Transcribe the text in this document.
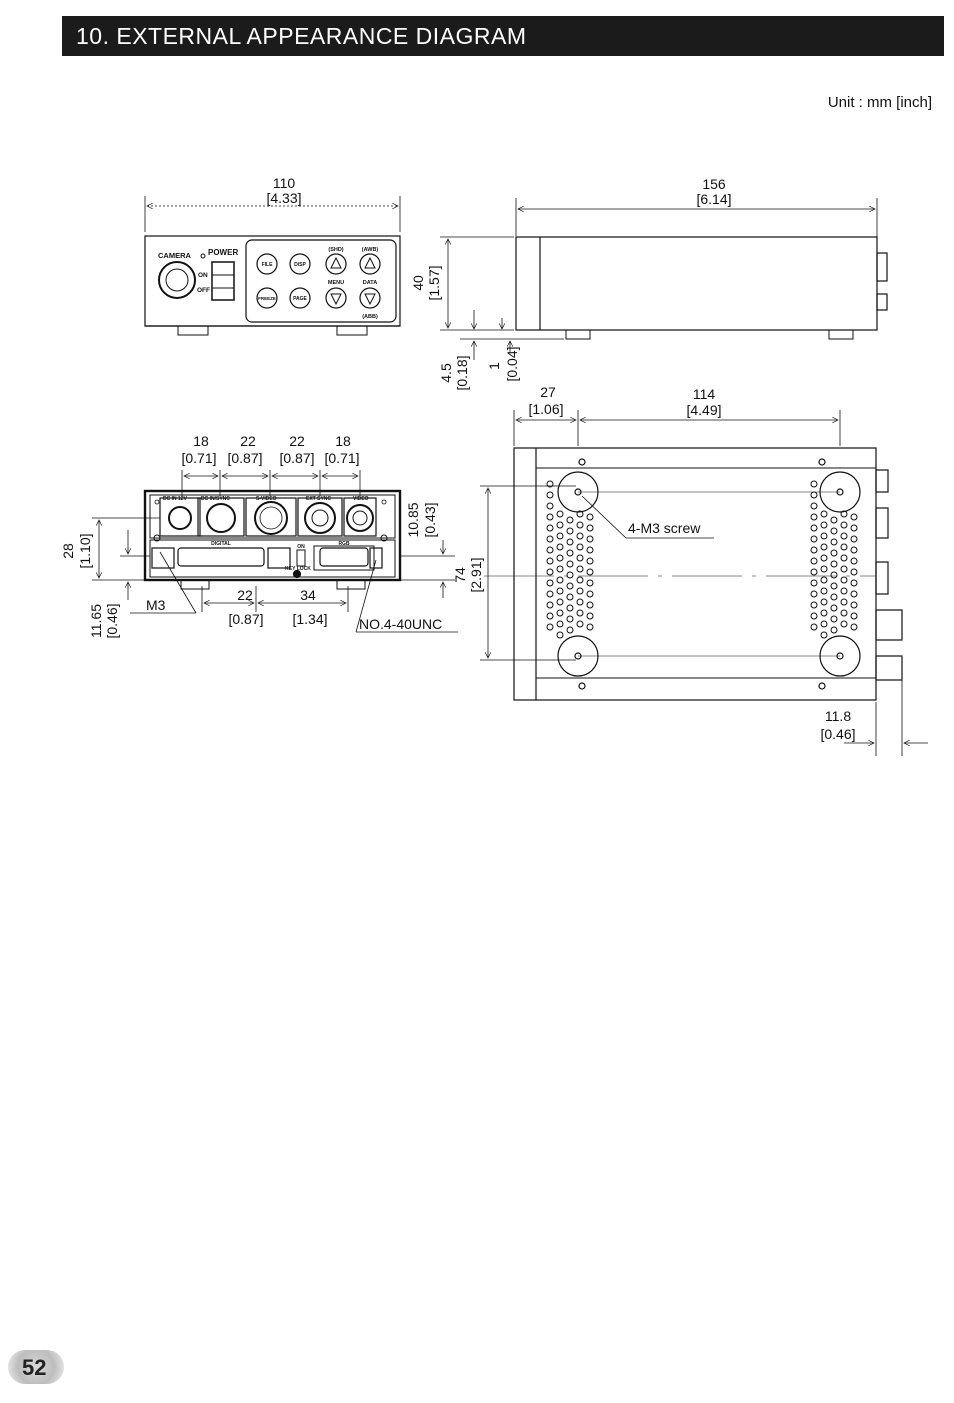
10. EXTERNAL APPEARANCE DIAGRAM
Unit : mm [inch]
110
[4.33]
CAMERA POWER
ON
OFF
(SHD)	(AWB)
MENU	DATA
(ABB)
FILE	DISP
FREEZE	PAGE
156
[6.14]
40 [1.57]
4.5 [0.18] 1 [0.04]
18 22 22 18
[0.71] [0.87] [0.87] [0.71]
DC IN 12V	DC IN/SYNC	S-VIDEO	EXT SYNC	VIDEO
DIGITAL	RGB
ON
KEY LOCK
28 [1.10]
11.65 [0.46]
10.85 [0.43]
M3
22	34
[0.87] [1.34] NO.4-40UNC
27
[1.06]
114
[4.49]
4-M3 screw
74 [2.91]
11.8
[0.46]
52
